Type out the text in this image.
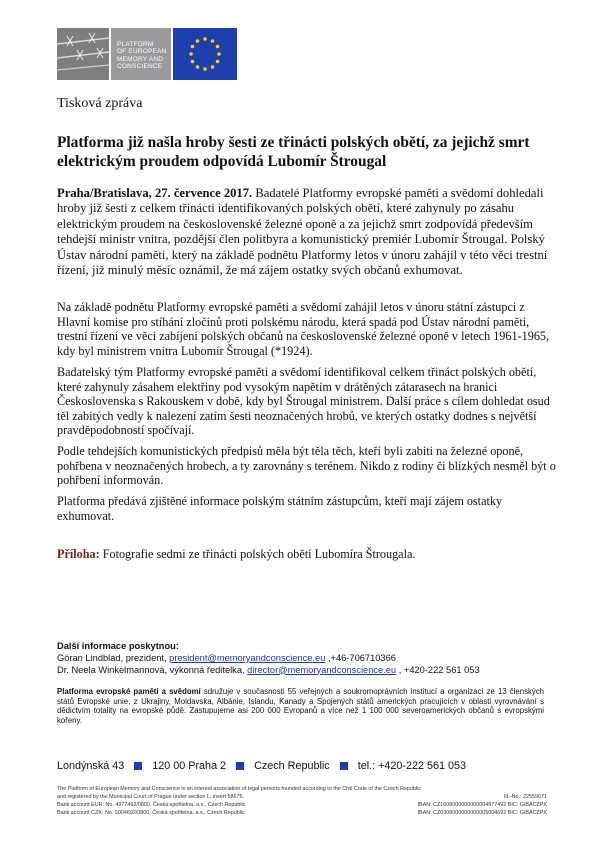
PLATFORM
OF EUROPEAN
MEMORY AND
CONSCIENCE
Tisková zpráva
Platforma již našla hroby šesti ze třinácti polských obětí, za jejichž smrt elektrickým proudem odpovídá Lubomír Štrougal
Praha/Bratislava, 27. července 2017. Badatelé Platformy evropské paměti a svědomí dohledali hroby již šesti z celkem třinácti identifikovaných polských obětí, které zahynuly po zásahu elektrickým proudem na československé železné oponě a za jejichž smrt zodpovídá především tehdejší ministr vnitra, pozdější člen politbyra a komunistický premiér Lubomír Štrougal. Polský Ústav národní paměti, který na základě podnětu Platformy letos v únoru zahájil v této věci trestní řízení, již minulý měsíc oznámil, že má zájem ostatky svých občanů exhumovat.
Na základě podnětu Platformy evropské paměti a svědomí zahájil letos v únoru státní zástupci z Hlavní komise pro stíhání zločinů proti polskému národu, která spadá pod Ústav národní paměti, trestní řízení ve věci zabíjení polských občanů na československé železné oponě v letech 1961-1965, kdy byl ministrem vnitra Lubomír Štrougal (*1924).
Badatelský tým Platformy evropské paměti a svědomí identifikoval celkem třináct polských obětí, které zahynuly zásahem elektřiny pod vysokým napětím v drátěných zátarasech na hranici Československa s Rakouskem v době, kdy byl Štrougal ministrem. Další práce s cílem dohledat osud těl zabitých vedly k nalezení zatím šesti neoznačených hrobů, ve kterých ostatky dodnes s největší pravděpodobností spočívají.
Podle tehdejších komunistických předpisů měla být těla těch, kteří byli zabiti na železné oponě, pohřbena v neoznačených hrobech, a ty zarovnány s terénem. Nikdo z rodiny či blízkých nesměl být o pohřbení informován.
Platforma předává zjištěné informace polským státním zástupcům, kteří mají zájem ostatky exhumovat.
Příloha: Fotografie sedmi ze třinácti polských obětí Lubomíra Štrougala.
Další informace poskytnou:
Göran Lindblad, prezident, president@memoryandconscience.eu ,+46-706710366
Dr. Neela Winkelmannová, výkonná ředitelka, director@memoryandconscience.eu , +420-222 561 053
Platforma evropské paměti a svědomí sdružuje v současnosti 55 veřejných a soukromoprávních institucí a organizací ze 13 členských států Evropské unie, z Ukrajiny, Moldavska, Albánie, Islandu, Kanady a Spojených států amerických pracujících v oblasti vyrovnávání s dědictvím totality na evropské půdě. Zastupujeme asi 200 000 Evropanů a více než 1 100 000 severoamerických občanů s evropskými kořeny.
Londýnská 43	120 00 Praha 2	Czech Republic	tel.: +420-222 561 053
The Platform of European Memory and Conscience is an interest association of legal persons founded according to the Civil Code of the Czech Republic
and registered by the Municipal Court of Prague under section L, insert 58675.	Id.-No.: 22559071
Bank account EUR: No. 4977492/0800, Česká spořitelna, a.s., Czech Republic	IBAN: CZ1608000000000004977492 BIC: GIBACZPX
Bank account CZK: No. 5004692/0800, Česká spořitelna, a.s., Czech Republic	IBAN: CZ0308000000000005004692 BIC: GIBACZPX
